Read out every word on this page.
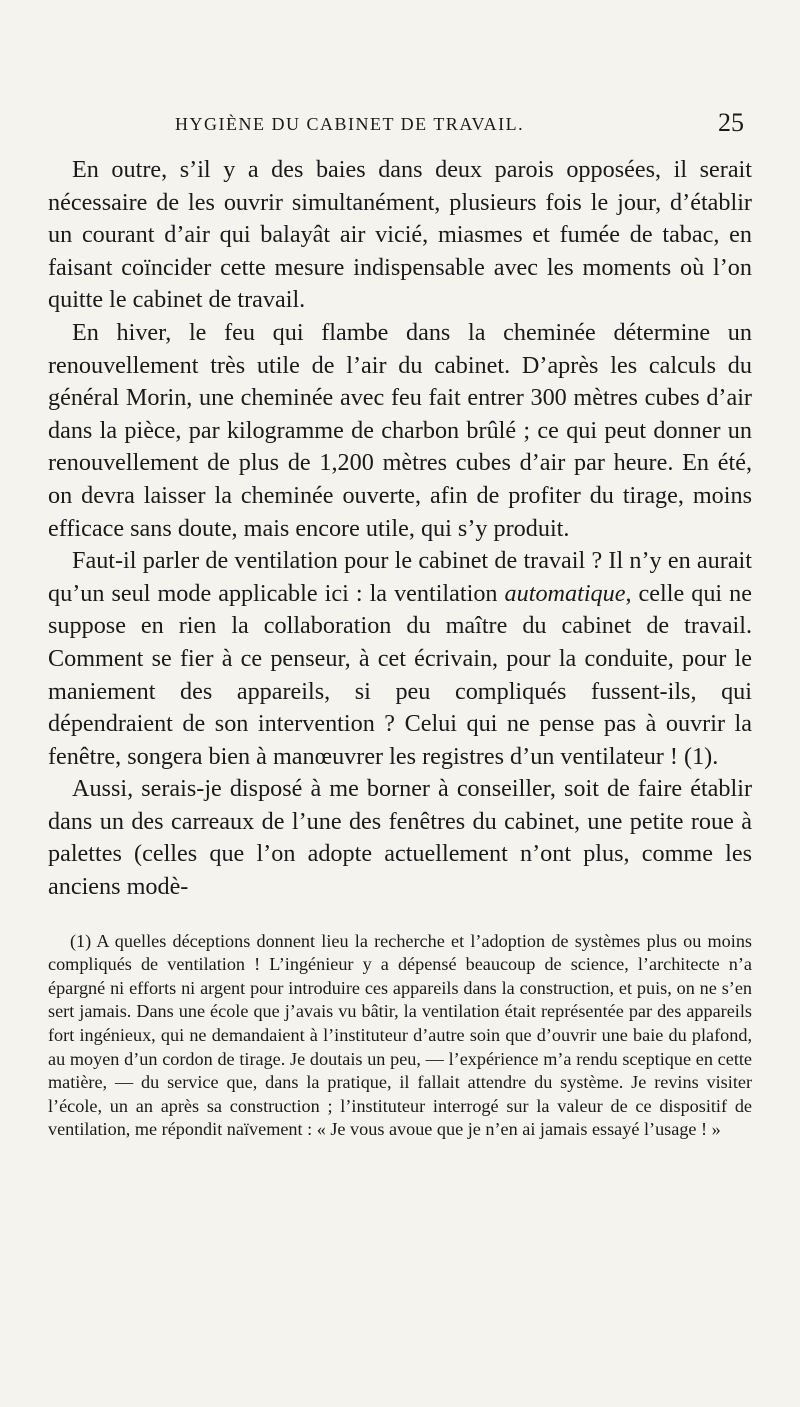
HYGIÈNE DU CABINET DE TRAVAIL.	25

En outre, s’il y a des baies dans deux parois opposées, il serait nécessaire de les ouvrir simultanément, plusieurs fois le jour, d’établir un courant d’air qui balayât air vicié, miasmes et fumée de tabac, en faisant coïncider cette mesure indispensable avec les moments où l’on quitte le cabinet de travail.

En hiver, le feu qui flambe dans la cheminée détermine un renouvellement très utile de l’air du cabinet. D’après les calculs du général Morin, une cheminée avec feu fait entrer 300 mètres cubes d’air dans la pièce, par kilogramme de charbon brûlé ; ce qui peut donner un renouvellement de plus de 1,200 mètres cubes d’air par heure. En été, on devra laisser la cheminée ouverte, afin de profiter du tirage, moins efficace sans doute, mais encore utile, qui s’y produit.

Faut-il parler de ventilation pour le cabinet de travail ? Il n’y en aurait qu’un seul mode applicable ici : la ventilation automatique, celle qui ne suppose en rien la collaboration du maître du cabinet de travail. Comment se fier à ce penseur, à cet écrivain, pour la conduite, pour le maniement des appareils, si peu compliqués fussent-ils, qui dépendraient de son intervention ? Celui qui ne pense pas à ouvrir la fenêtre, songera bien à manœuvrer les registres d’un ventilateur ! (1).

Aussi, serais-je disposé à me borner à conseiller, soit de faire établir dans un des carreaux de l’une des fenêtres du cabinet, une petite roue à palettes (celles que l’on adopte actuellement n’ont plus, comme les anciens modè-

(1) A quelles déceptions donnent lieu la recherche et l’adoption de systèmes plus ou moins compliqués de ventilation ! L’ingénieur y a dépensé beaucoup de science, l’architecte n’a épargné ni efforts ni argent pour introduire ces appareils dans la construction, et puis, on ne s’en sert jamais. Dans une école que j’avais vu bâtir, la ventilation était représentée par des appareils fort ingénieux, qui ne demandaient à l’instituteur d’autre soin que d’ouvrir une baie du plafond, au moyen d’un cordon de tirage. Je doutais un peu, — l’expérience m’a rendu sceptique en cette matière, — du service que, dans la pratique, il fallait attendre du système. Je revins visiter l’école, un an après sa construction ; l’instituteur interrogé sur la valeur de ce dispositif de ventilation, me répondit naïvement : « Je vous avoue que je n’en ai jamais essayé l’usage ! »
